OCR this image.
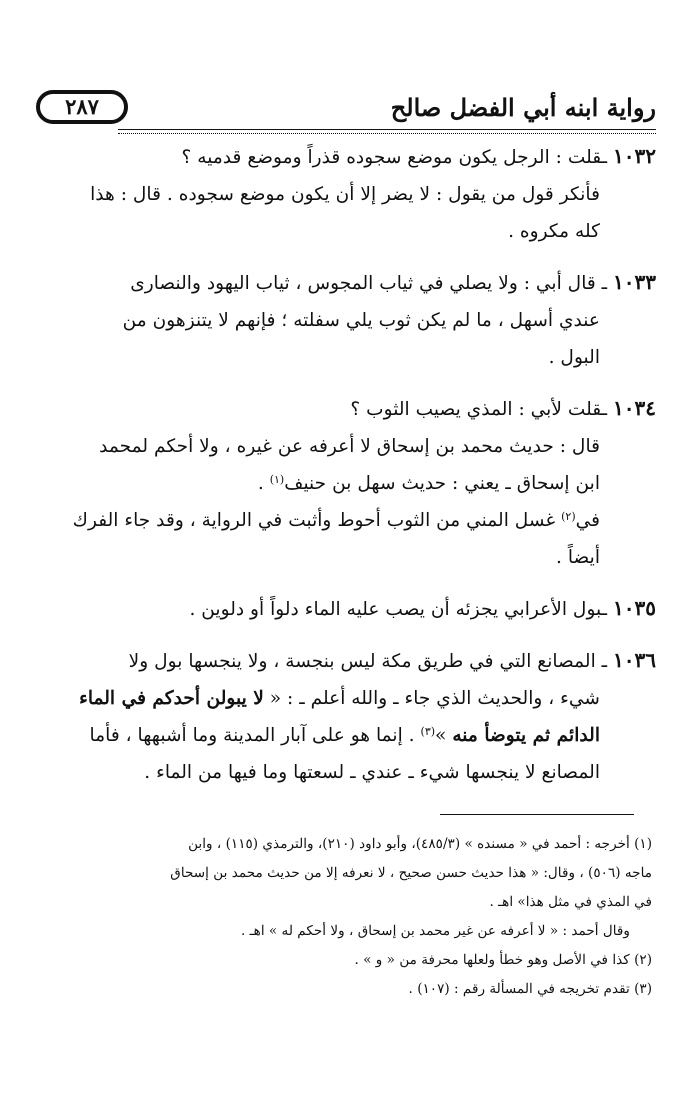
رواية ابنه أبي الفضل صالح
٢٨٧

١٠٣٢ ـقلت : الرجل يكون موضع سجوده قذراً وموضع قدميه ؟

فأنكر قول من يقول : لا يضر إلا أن يكون موضع سجوده . قال : هذا

كله مكروه .

١٠٣٣ ـ قال أبي : ولا يصلي في ثياب المجوس ، ثياب اليهود والنصارى

عندي أسهل ، ما لم يكن ثوب يلي سفلته ؛ فإنهم لا يتنزهون من

البول .

١٠٣٤ ـقلت لأبي : المذي يصيب الثوب ؟

قال : حديث محمد بن إسحاق لا أعرفه عن غيره ، ولا أحكم لمحمد

ابن إسحاق ـ يعني : حديث سهل بن حنيف$^{(١)}$ .

في$^{(٢)}$ غسل المني من الثوب أحوط وأثبت في الرواية ، وقد جاء الفرك

أيضاً .

١٠٣٥ ـبول الأعرابي يجزئه أن يصب عليه الماء دلواً أو دلوين .

١٠٣٦ ـ المصانع التي في طريق مكة ليس بنجسة ، ولا ينجسها بول ولا

شيء ، والحديث الذي جاء ـ والله أعلم ـ : « لا يبولن أحدكم في الماء

الدائم ثم يتوضأ منه »$^{(٣)}$ . إنما هو على آبار المدينة وما أشبهها ، فأما

المصانع لا ينجسها شيء ـ عندي ـ لسعتها وما فيها من الماء .

(١) أخرجه : أحمد في « مسنده » (٤٨٥/٣)، وأبو داود (٢١٠)، والترمذي (١١٥) ، وابن

ماجه (٥٠٦) ، وقال: « هذا حديث حسن صحيح ، لا نعرفه إلا من حديث محمد بن إسحاق

في المذي في مثل هذا» اهـ .

وقال أحمد : « لا أعرفه عن غير محمد بن إسحاق ، ولا أحكم له » اهـ .

(٢) كذا في الأصل وهو خطأ ولعلها محرفة من « و » .

(٣) تقدم تخريجه في المسألة رقم : (١٠٧) .
